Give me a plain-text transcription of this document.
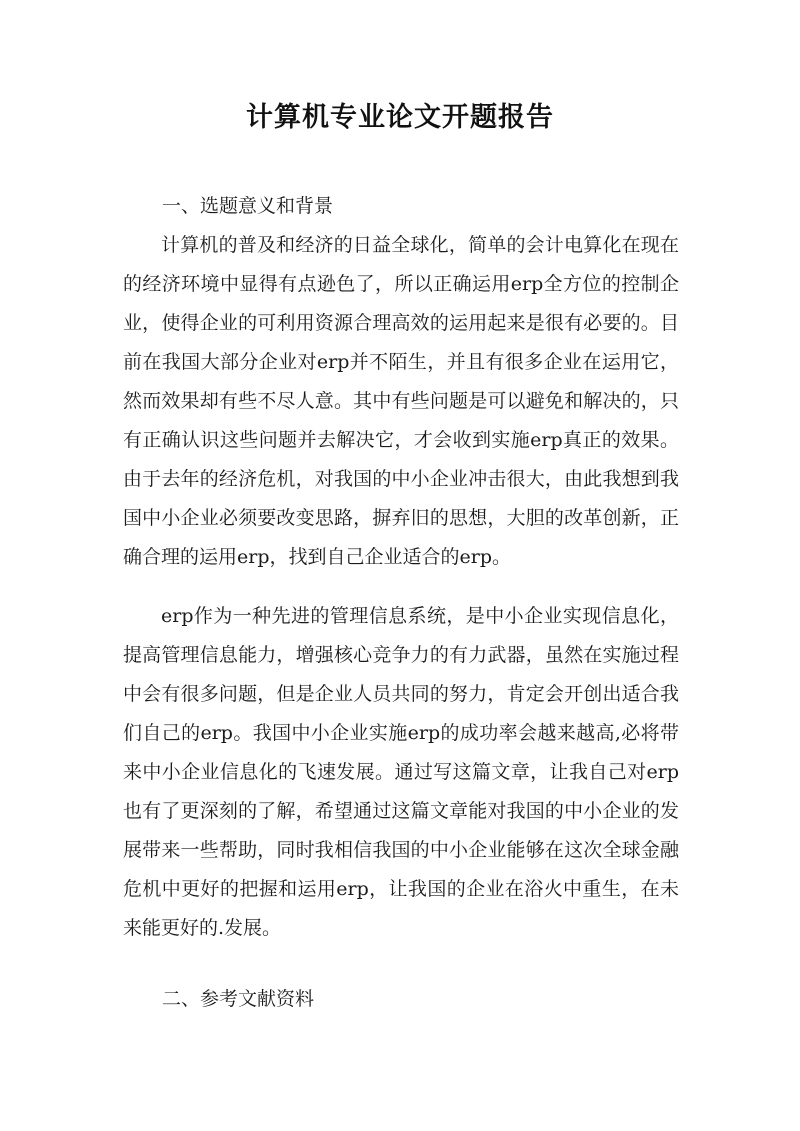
计算机专业论文开题报告
一、选题意义和背景

计算机的普及和经济的日益全球化，简单的会计电算化在现在的经济环境中显得有点逊色了，所以正确运用erp全方位的控制企业，使得企业的可利用资源合理高效的运用起来是很有必要的。目前在我国大部分企业对erp并不陌生，并且有很多企业在运用它，然而效果却有些不尽人意。其中有些问题是可以避免和解决的，只有正确认识这些问题并去解决它，才会收到实施erp真正的效果。由于去年的经济危机，对我国的中小企业冲击很大，由此我想到我国中小企业必须要改变思路，摒弃旧的思想，大胆的改革创新，正确合理的运用erp，找到自己企业适合的erp。

erp作为一种先进的管理信息系统，是中小企业实现信息化，提高管理信息能力，增强核心竞争力的有力武器，虽然在实施过程中会有很多问题，但是企业人员共同的努力，肯定会开创出适合我们自己的erp。我国中小企业实施erp的成功率会越来越高,必将带来中小企业信息化的飞速发展。通过写这篇文章，让我自己对erp也有了更深刻的了解，希望通过这篇文章能对我国的中小企业的发展带来一些帮助，同时我相信我国的中小企业能够在这次全球金融危机中更好的把握和运用erp，让我国的企业在浴火中重生，在未来能更好的.发展。

二、参考文献资料
